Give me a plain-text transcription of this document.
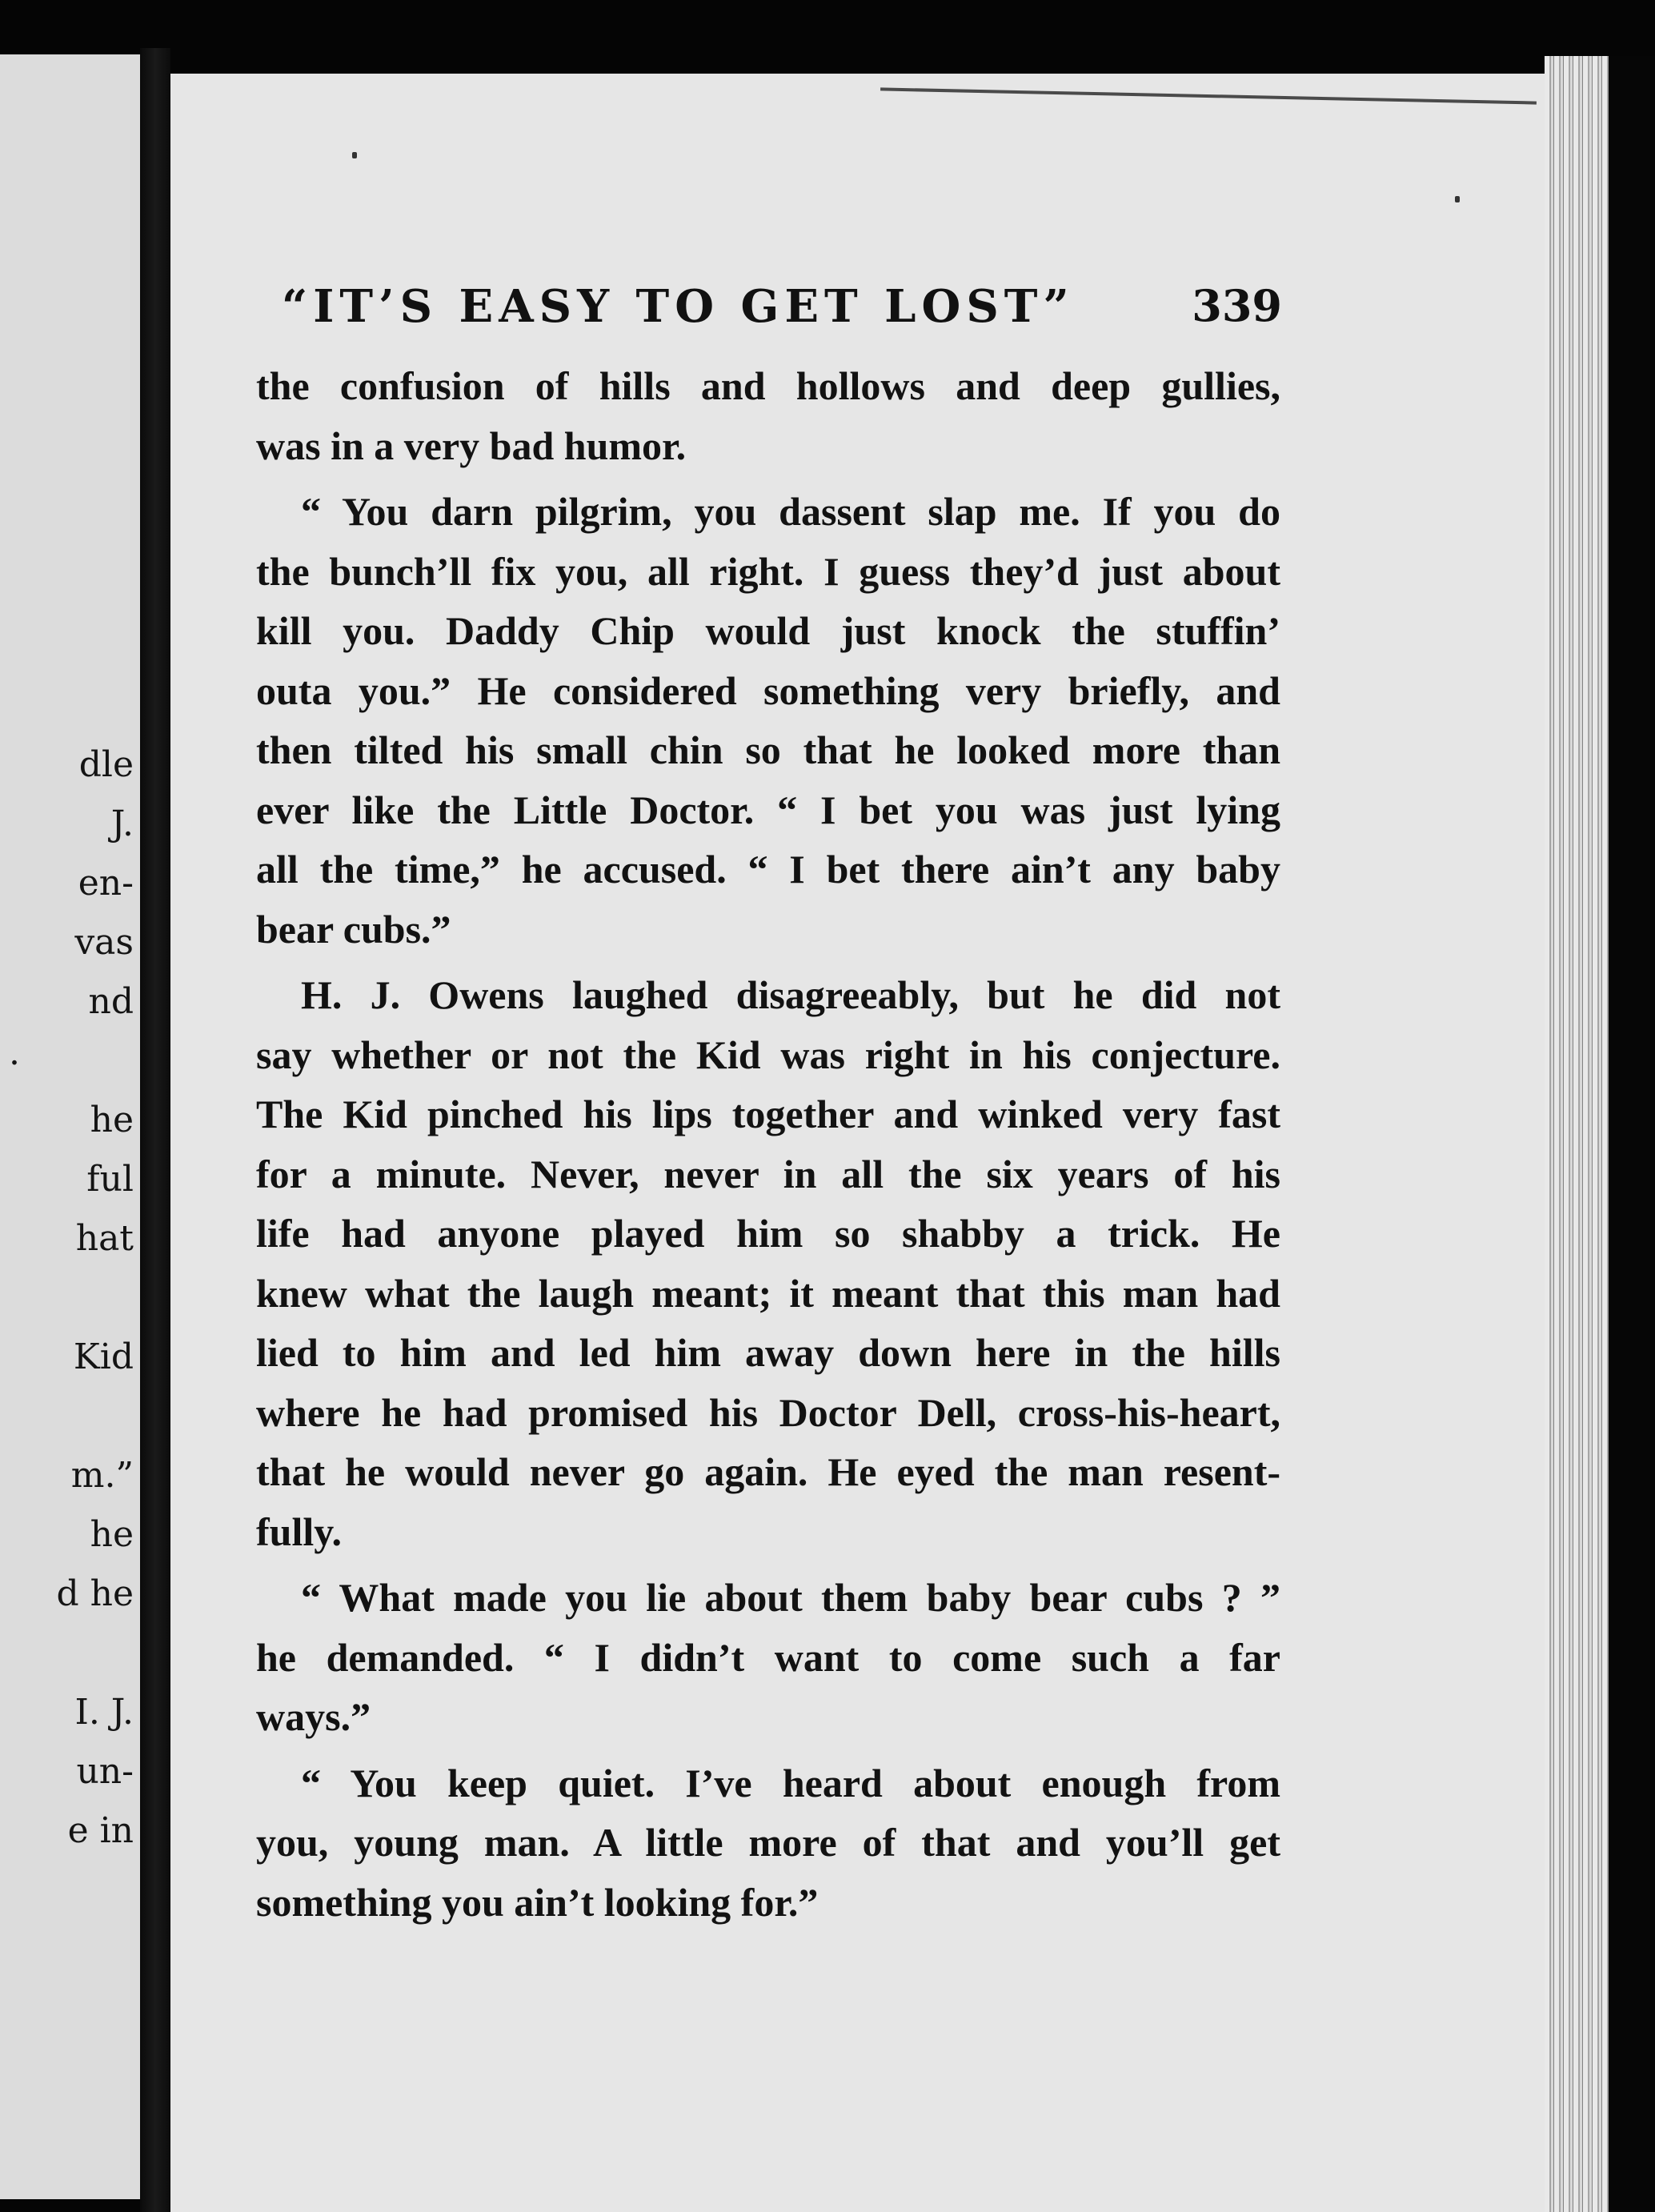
dle
J.
en-
vas
nd
.
he
ful
hat
Kid
m.”
he
d he
I. J.
un-
e in
“IT’S EASY TO GET LOST”	339
the confusion of hills and hollows and deep gullies,
was in a very bad humor.
“ You darn pilgrim, you dassent slap me. If you do
the bunch’ll fix you, all right. I guess they’d just about
kill you. Daddy Chip would just knock the stuffin’
outa you.” He considered something very briefly, and
then tilted his small chin so that he looked more than
ever like the Little Doctor. “ I bet you was just lying
all the time,” he accused. “ I bet there ain’t any baby
bear cubs.”
H. J. Owens laughed disagreeably, but he did not
say whether or not the Kid was right in his conjecture.
The Kid pinched his lips together and winked very fast
for a minute. Never, never in all the six years of his
life had anyone played him so shabby a trick. He
knew what the laugh meant; it meant that this man had
lied to him and led him away down here in the hills
where he had promised his Doctor Dell, cross-his-heart,
that he would never go again. He eyed the man resent-
fully.
“ What made you lie about them baby bear cubs ? ”
he demanded. “ I didn’t want to come such a far
ways.”
“ You keep quiet. I’ve heard about enough from
you, young man. A little more of that and you’ll get
something you ain’t looking for.”
